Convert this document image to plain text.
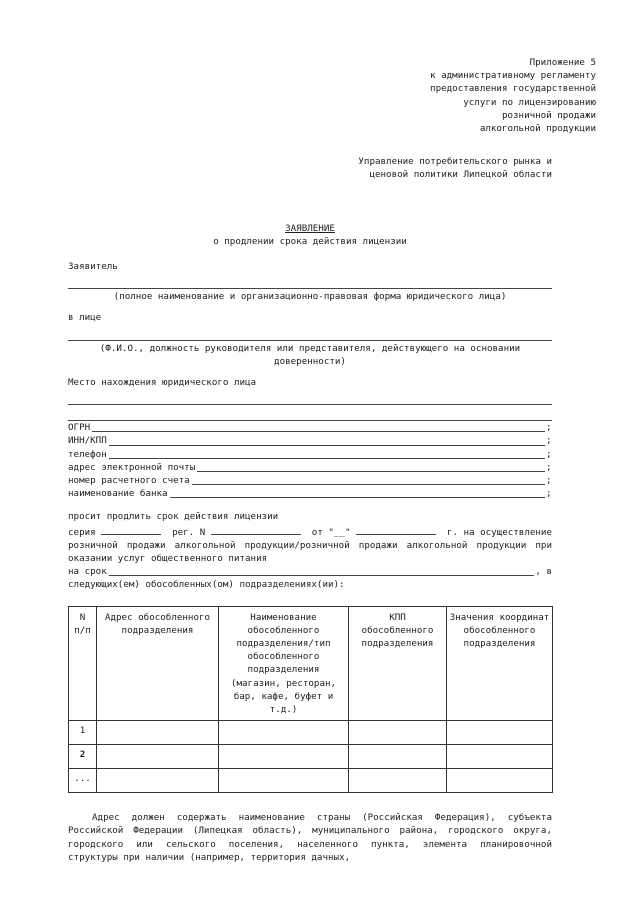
Приложение 5
к административному регламенту
предоставления государственной
услуги по лицензированию
розничной продажи
алкогольной продукции

Управление потребительского рынка и
ценовой политики Липецкой области
ЗАЯВЛЕНИЕ
о продлении срока действия лицензии
Заявитель
(полное наименование и организационно-правовая форма юридического лица)
в лице
(Ф.И.О., должность руководителя или представителя, действующего на основании доверенности)
Место нахождения юридического лица
ОГРН	;
ИНН/КПП	;
телефон	;
адрес электронной почты	;
номер расчетного счета	;
наименование банка	;
просит продлить срок действия лицензии
серия	рег. N	от "__"	г. на осуществление
розничной продажи алкогольной продукции/розничной продажи алкогольной продукции при оказании услуг общественного питания
на срок	, в
следующих(ем) обособленных(ом) подразделениях(ии):
N
п/п	Адрес обособленного подразделения	Наименование обособленного подразделения/тип обособленного подразделения (магазин, ресторан, бар, кафе, буфет и т.д.)	КПП обособленного подразделения	Значения координат обособленного подразделения
1				
2				
...				
Адрес должен содержать наименование страны (Российская Федерация), субъекта Российской Федерации (Липецкая область), муниципального района, городского округа, городского или сельского поселения, населенного пункта, элемента планировочной структуры при наличии (например, территория дачных,
